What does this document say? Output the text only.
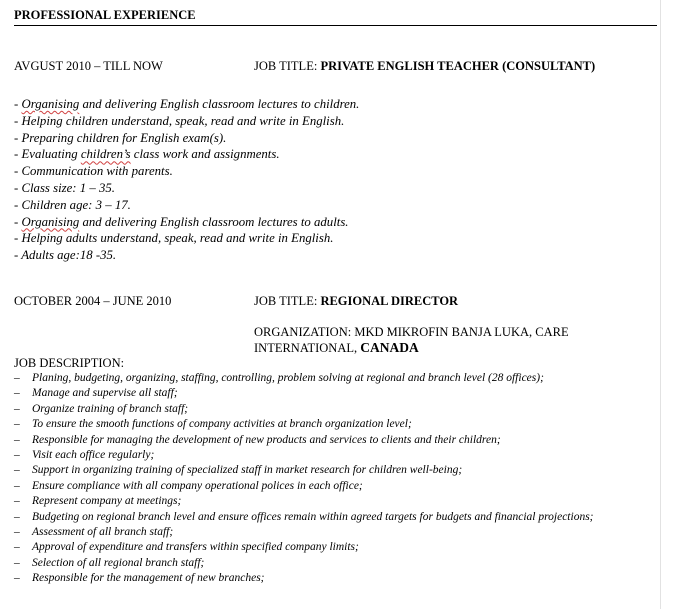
PROFESSIONAL EXPERIENCE
AVGUST 2010 – TILL NOW	JOB TITLE: PRIVATE ENGLISH TEACHER (CONSULTANT)
- Organising and delivering English classroom lectures to children.
- Helping children understand, speak, read and write in English.
- Preparing children for English exam(s).
- Evaluating children’s class work and assignments.
- Communication with parents.
- Class size: 1 – 35.
- Children age: 3 – 17.
- Organising and delivering English classroom lectures to adults.
- Helping adults understand, speak, read and write in English.
- Adults age:18 -35.
OCTOBER 2004 – JUNE 2010	JOB TITLE: REGIONAL DIRECTOR
ORGANIZATION: MKD MIKROFIN BANJA LUKA, CARE INTERNATIONAL, CANADA
JOB DESCRIPTION:
– Planing, budgeting, organizing, staffing, controlling, problem solving at regional and branch level (28 offices);
– Manage and supervise all staff;
– Organize training of branch staff;
– To ensure the smooth functions of company activities at branch organization level;
– Responsible for managing the development of new products and services to clients and their children;
– Visit each office regularly;
– Support in organizing training of specialized staff in market research for children well-being;
– Ensure compliance with all company operational polices in each office;
– Represent company at meetings;
– Budgeting on regional branch level and ensure offices remain within agreed targets for budgets and financial projections;
– Assessment of all branch staff;
– Approval of expenditure and transfers within specified company limits;
– Selection of all regional branch staff;
– Responsible for the management of new branches;
